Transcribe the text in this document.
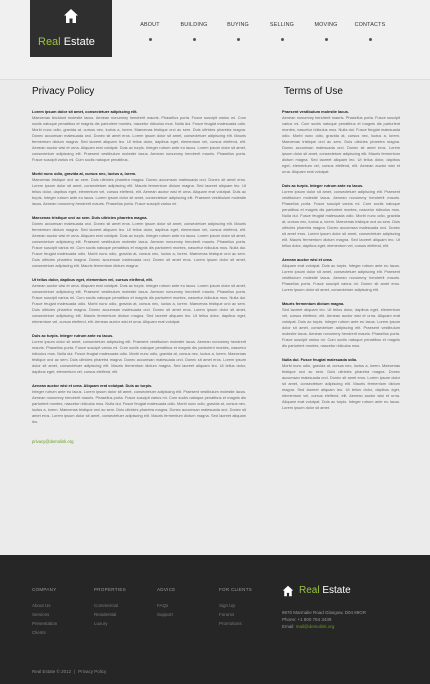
Real Estate
ABOUT	BUILDING	BUYING	SELLING	MOVING	CONTACTS
Privacy Policy
Lorem ipsum dolor sit amet, consectetuer adipiscing elit.
Maecenas tincidunt molestie lacus. Aenean nonummy hendrerit mauris. Phasellus porta. Fusce suscipit varius mi. Cum sociis natoque penatibus et magnis dis parturient montes, nascetur ridiculus mus. Nulla dui. Fusce feugiat malesuada odio. Morbi nunc odio, gravida at, cursus nec, luctus a, lorem. Maecenas tristique orci ac sem. Duis ultricies pharetra magna. Donec accumsan malesuada orci. Donec sit amet eros. Lorem ipsum dolor sit amet, consectetuer adipiscing elit. Mauris fermentum dictum magna. Sed laoreet aliquam leo. Ut tellus dolor, dapibus eget, elementum vel, cursus eleifend, elit. Aenean auctor wisi et urna. Aliquam erat volutpat. Duis ac turpis. Integer rutrum ante eu lacus. Lorem ipsum dolor sit amet, consectetuer adipiscing elit. Praesent vestibulum molestie lacus. Aenean nonummy hendrerit mauris. Phasellus porta. Fusce suscipit varius mi. Cum sociis natoque penatibus.
Morbi nunc odio, gravida at, cursus nec, luctus a, lorem.
Maecenas tristique orci ac sem. Duis ultricies pharetra magna. Donec accumsan malesuada orci. Donec sit amet eros. Lorem ipsum dolor sit amet, consectetuer adipiscing elit. Mauris fermentum dictum magna. Sed laoreet aliquam leo. Ut tellus dolor, dapibus eget, elementum vel, cursus eleifend, elit. Aenean auctor wisi et urna. Aliquam erat volutpat. Duis ac turpis. Integer rutrum ante eu lacus. Lorem ipsum dolor sit amet, consectetuer adipiscing elit. Praesent vestibulum molestie lacus. Aenean nonummy hendrerit mauris. Phasellus porta. Fusce suscipit varius mi.
Maecenas tristique orci ac sem. Duis ultricies pharetra magna.
Donec accumsan malesuada orci. Donec sit amet eros. Lorem ipsum dolor sit amet, consectetuer adipiscing elit. Mauris fermentum dictum magna. Sed laoreet aliquam leo. Ut tellus dolor, dapibus eget, elementum vel, cursus eleifend, elit. Aenean auctor wisi et urna. Aliquam erat volutpat. Duis ac turpis. Integer rutrum ante eu lacus. Lorem ipsum dolor sit amet, consectetuer adipiscing elit. Praesent vestibulum molestie lacus. Aenean nonummy hendrerit mauris. Phasellus porta. Fusce suscipit varius mi. Cum sociis natoque penatibus et magnis dis parturient montes, nascetur ridiculus mus. Nulla dui. Fusce feugiat malesuada odio. Morbi nunc odio, gravida at, cursus nec, luctus a, lorem. Maecenas tristique orci ac sem. Duis ultricies pharetra magna. Donec accumsan malesuada orci. Donec sit amet eros. Lorem ipsum dolor sit amet, consectetuer adipiscing elit. Mauris fermentum dictum magna.
Ut tellus dolor, dapibus eget, elementum vel, cursus eleifend, elit.
Aenean auctor wisi et urna. Aliquam erat volutpat. Duis ac turpis. Integer rutrum ante eu lacus. Lorem ipsum dolor sit amet, consectetuer adipiscing elit. Praesent vestibulum molestie lacus. Aenean nonummy hendrerit mauris. Phasellus porta. Fusce suscipit varius mi. Cum sociis natoque penatibus et magnis dis parturient montes, nascetur ridiculus mus. Nulla dui. Fusce feugiat malesuada odio. Morbi nunc odio, gravida at, cursus nec, luctus a, lorem. Maecenas tristique orci ac sem. Duis ultricies pharetra magna. Donec accumsan malesuada orci. Donec sit amet eros. Lorem ipsum dolor sit amet, consectetuer adipiscing elit. Mauris fermentum dictum magna. Sed laoreet aliquam leo. Ut tellus dolor, dapibus eget, elementum vel, cursus eleifend, elit. Aenean auctor wisi et urna. Aliquam erat volutpat.
Duis ac turpis. Integer rutrum ante eu lacus.
Lorem ipsum dolor sit amet, consectetuer adipiscing elit. Praesent vestibulum molestie lacus. Aenean nonummy hendrerit mauris. Phasellus porta. Fusce suscipit varius mi. Cum sociis natoque penatibus et magnis dis parturient montes, nascetur ridiculus mus. Nulla dui. Fusce feugiat malesuada odio. Morbi nunc odio, gravida at, cursus nec, luctus a, lorem. Maecenas tristique orci ac sem. Duis ultricies pharetra magna. Donec accumsan malesuada orci. Donec sit amet eros. Lorem ipsum dolor sit amet, consectetuer adipiscing elit. Mauris fermentum dictum magna. Sed laoreet aliquam leo. Ut tellus dolor, dapibus eget, elementum vel, cursus eleifend, elit.
Aenean auctor wisi et urna. Aliquam erat volutpat. Duis ac turpis.
Integer rutrum ante eu lacus. Lorem ipsum dolor sit amet, consectetuer adipiscing elit. Praesent vestibulum molestie lacus. Aenean nonummy hendrerit mauris. Phasellus porta. Fusce suscipit varius mi. Cum sociis natoque penatibus et magnis dis parturient montes, nascetur ridiculus mus. Nulla dui. Fusce feugiat malesuada odio. Morbi nunc odio, gravida at, cursus nec, luctus a, lorem. Maecenas tristique orci ac sem. Duis ultricies pharetra magna. Donec accumsan malesuada orci. Donec sit amet eros. Lorem ipsum dolor sit amet, consectetuer adipiscing elit. Mauris fermentum dictum magna. Sed laoreet aliquam leo.
privacy@demolink.org
Terms of Use
Praesent vestibulum molestie lacus.
Aenean nonummy hendrerit mauris. Phasellus porta. Fusce suscipit varius mi. Cum sociis natoque penatibus et magnis dis parturient montes, nascetur ridiculus mus. Nulla dui. Fusce feugiat malesuada odio. Morbi nunc odio, gravida at, cursus nec, luctus a, lorem. Maecenas tristique orci ac sem. Duis ultricies pharetra magna. Donec accumsan malesuada orci. Donec sit amet eros. Lorem ipsum dolor sit amet, consectetuer adipiscing elit. Mauris fermentum dictum magna. Sed laoreet aliquam leo. Ut tellus dolor, dapibus eget, elementum vel, cursus eleifend, elit. Aenean auctor wisi et urna. Aliquam erat volutpat.
Duis ac turpis. Integer rutrum ante eu lacus.
Lorem ipsum dolor sit amet, consectetuer adipiscing elit. Praesent vestibulum molestie lacus. Aenean nonummy hendrerit mauris. Phasellus porta. Fusce suscipit varius mi. Cum sociis natoque penatibus et magnis dis parturient montes, nascetur ridiculus mus. Nulla dui. Fusce feugiat malesuada odio. Morbi nunc odio, gravida at, cursus nec, luctus a, lorem. Maecenas tristique orci ac sem. Duis ultricies pharetra magna. Donec accumsan malesuada orci. Donec sit amet eros. Lorem ipsum dolor sit amet, consectetuer adipiscing elit. Mauris fermentum dictum magna. Sed laoreet aliquam leo. Ut tellus dolor, dapibus eget, elementum vel, cursus eleifend, elit.
Aenean auctor wisi et urna.
Aliquam erat volutpat. Duis ac turpis. Integer rutrum ante eu lacus. Lorem ipsum dolor sit amet, consectetuer adipiscing elit. Praesent vestibulum molestie lacus. Aenean nonummy hendrerit mauris. Phasellus porta. Fusce suscipit varius mi. Donec sit amet eros. Lorem ipsum dolor sit amet, consectetuer adipiscing elit.
Mauris fermentum dictum magna.
Sed laoreet aliquam leo. Ut tellus dolor, dapibus eget, elementum vel, cursus eleifend, elit. Aenean auctor wisi et urna. Aliquam erat volutpat. Duis ac turpis. Integer rutrum ante eu lacus. Lorem ipsum dolor sit amet, consectetuer adipiscing elit. Praesent vestibulum molestie lacus. Aenean nonummy hendrerit mauris. Phasellus porta. Fusce suscipit varius mi. Cum sociis natoque penatibus et magnis dis parturient montes, nascetur ridiculus mus.
Nulla dui. Fusce feugiat malesuada odio.
Morbi nunc odio, gravida at, cursus nec, luctus a, lorem. Maecenas tristique orci ac sem. Duis ultricies pharetra magna. Donec accumsan malesuada orci. Donec sit amet eros. Lorem ipsum dolor sit amet, consectetuer adipiscing elit. Mauris fermentum dictum magna. Sed laoreet aliquam leo. Ut tellus dolor, dapibus eget, elementum vel, cursus eleifend, elit. Aenean auctor wisi et urna. Aliquam erat volutpat. Duis ac turpis. Integer rutrum ante eu lacus. Lorem ipsum dolor sit amet.
COMPANY
About Us
Services
Presentation
Clients
PROPERTIES
Commercial
Residential
Luxury
ADVICE
FAQs
Support
FOR CLIENTS
Sign Up
Forums
Promotions
Real Estate
9870 Marmalie Road Glasgow, D04 89GR
Phone: +1 800 784 3439
Email: mail@demolink.org
Real Estate © 2012 | Privacy Policy
